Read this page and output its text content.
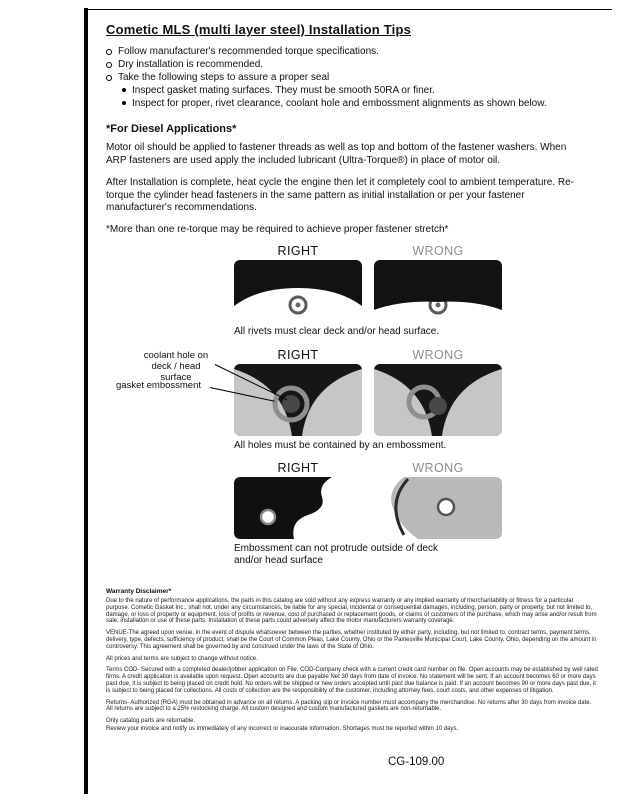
Cometic MLS (multi layer steel) Installation Tips
Follow manufacturer's recommended torque specifications.
Dry installation is recommended.
Take the following steps to assure a proper seal
Inspect gasket mating surfaces. They must be smooth 50RA or finer.
Inspect for proper, rivet clearance, coolant hole and embossment alignments as shown below.
*For Diesel Applications*
Motor oil should be applied to fastener threads as well as top and bottom of the fastener washers. When ARP fasteners are used apply the included lubricant (Ultra-Torque®) in place of motor oil.
After Installation is complete, heat cycle the engine then let it completely cool to ambient temperature. Re-torque the cylinder head fasteners in the same pattern as initial installation or per your fastener manufacturer's recommendations.
*More than one re-torque may be required to achieve proper fastener stretch*
RIGHT	WRONG
All rivets must clear deck and/or head surface.
RIGHT	WRONG
coolant hole on deck / head surface
gasket embossment
All holes must be contained by an embossment.
RIGHT	WRONG
Embossment can not protrude outside of deck and/or head surface
Warranty Disclaimer*
Due to the nature of performance applications, the parts in this catalog are sold without any express warranty or any implied warranty of merchantability or fitness for a particular purpose. Cometic Gasket Inc., shall not, under any circumstances, be liable for any special, incidental or consequential damages, including, person, party or property, but not limited to, damage, or loss of property or equipment, loss of profits or revenue, cost of purchased or replacement goods, or claims of customers of the purchase, which may arise and/or result from sale, installation or use of these parts. Installation of these parts could adversely affect the motor manufacturers warranty coverage.
VENUE-The agreed upon venue, in the event of dispute whatsoever between the parties, whether instituted by either party, including, but not limited to, contract terms, payment terms, delivery, type, defects, sufficiency of product, shall be the Court of Common Pleas, Lake County, Ohio or the Painesville Municipal Court, Lake County, Ohio, depending on the amount in controversy. This agreement shall be governed by and construed under the laws of the State of Ohio.
All prices and terms are subject to change without notice.
Terms COD- Secured with a completed dealer/jobber application on File, COD-Company check with a current credit card number on file. Open accounts may be established by well rated firms. A credit application is available upon request. Open accounts are due payable Net 30 days from date of invoice. No statement will be sent. If an account becomes 60 or more days past due, it is subject to being placed on credit hold. No orders will be shipped or new orders accepted until past due balance is paid. If an account becomes 90 or more days past due, it is subject to being placed for collections. All costs of collection are the responsibility of the customer, including attorney fees, court costs, and other expenses of litigation.
Returns- Authorized (RGA) must be obtained in advance on all returns. A packing slip or invoice number must accompany the merchandise. No returns after 30 days from invoice date. All returns are subject to a 25% restocking charge. All custom designed and custom manufactured gaskets are non-returnable.
Only catalog parts are returnable.
Review your invoice and notify us immediately of any incorrect or inaccurate information. Shortages must be reported within 10 days.
CG-109.00
